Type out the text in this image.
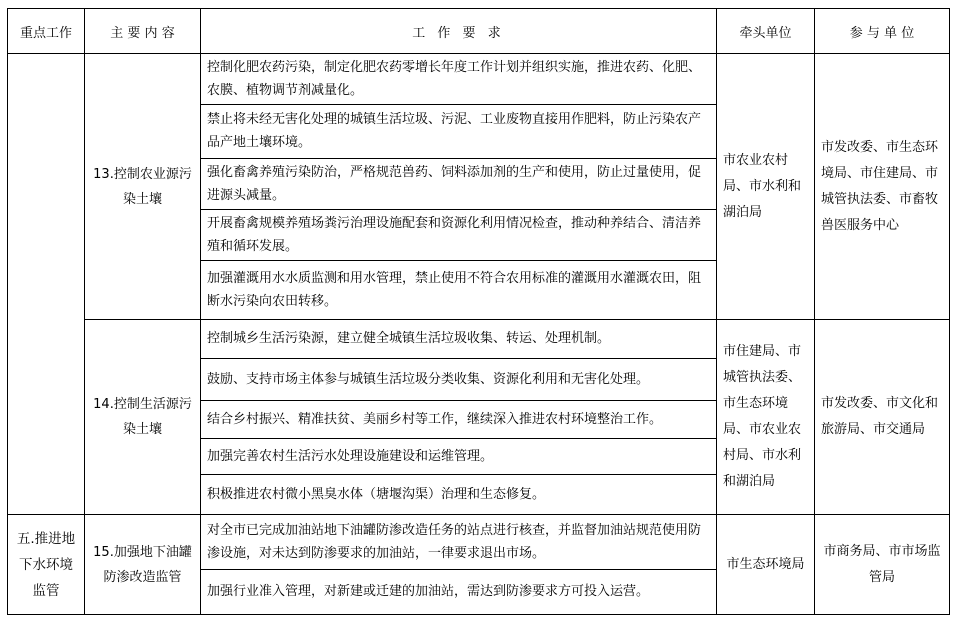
重点工作	主 要 内 容	工 作 要 求	牵头单位	参 与 单 位
	13.控制农业源污染土壤	控制化肥农药污染，制定化肥农药零增长年度工作计划并组织实施，推进农药、化肥、农膜、植物调节剂减量化。	市农业农村局、市水利和湖泊局	市发改委、市生态环境局、市住建局、市城管执法委、市畜牧兽医服务中心
		禁止将未经无害化处理的城镇生活垃圾、污泥、工业废物直接用作肥料，防止污染农产品产地土壤环境。		
		强化畜禽养殖污染防治，严格规范兽药、饲料添加剂的生产和使用，防止过量使用，促进源头减量。		
		开展畜禽规模养殖场粪污治理设施配套和资源化利用情况检查，推动种养结合、清洁养殖和循环发展。		
		加强灌溉用水水质监测和用水管理，禁止使用不符合农用标准的灌溉用水灌溉农田，阻断水污染向农田转移。		
	14.控制生活源污染土壤	控制城乡生活污染源，建立健全城镇生活垃圾收集、转运、处理机制。	市住建局、市城管执法委、市生态环境局、市农业农村局、市水利和湖泊局	市发改委、市文化和旅游局、市交通局
		鼓励、支持市场主体参与城镇生活垃圾分类收集、资源化利用和无害化处理。		
		结合乡村振兴、精准扶贫、美丽乡村等工作，继续深入推进农村环境整治工作。		
		加强完善农村生活污水处理设施建设和运维管理。		
		积极推进农村微小黑臭水体（塘堰沟渠）治理和生态修复。		
五.推进地下水环境监管	15.加强地下油罐防渗改造监管	对全市已完成加油站地下油罐防渗改造任务的站点进行核查，并监督加油站规范使用防渗设施，对未达到防渗要求的加油站，一律要求退出市场。	市生态环境局	市商务局、市市场监管局
		加强行业准入管理，对新建或迁建的加油站，需达到防渗要求方可投入运营。		
